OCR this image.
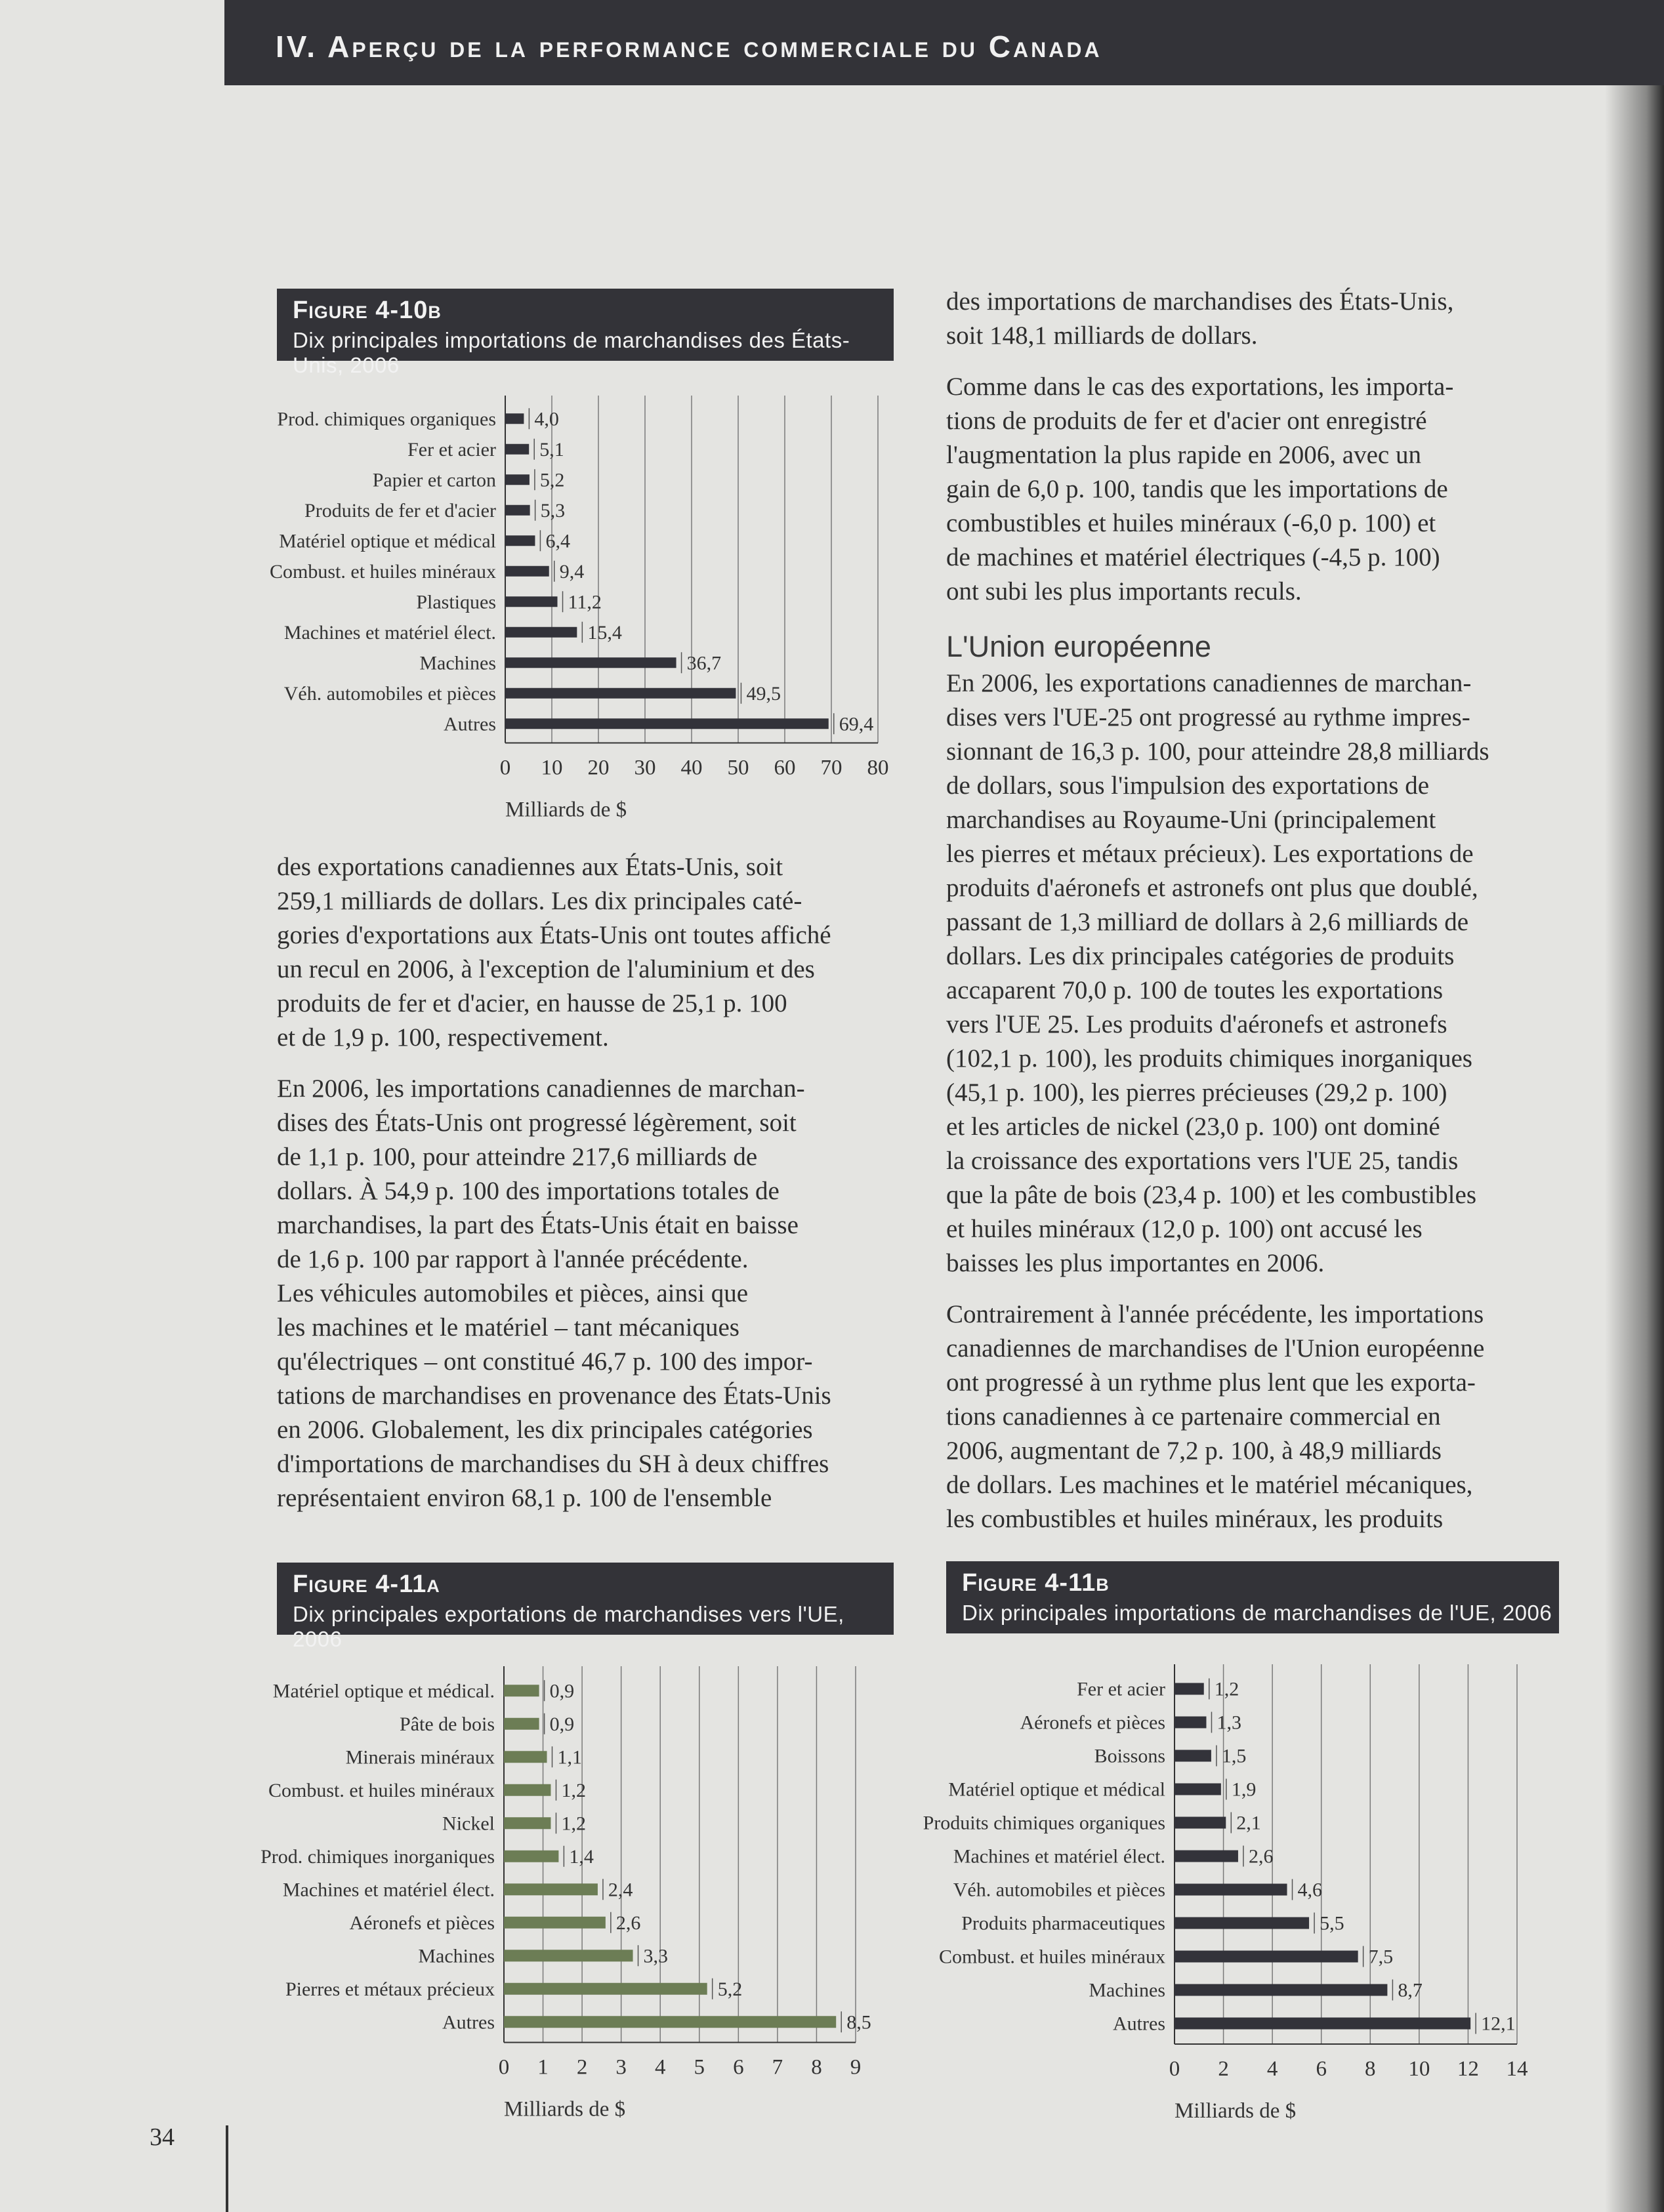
IV. Aperçu de la performance commerciale du Canada
Figure 4-10b
Dix principales importations de marchandises des États-Unis, 2006
0 10 20 30 40 50 60 70 80
Prod. chimiques organiques 4,0
Fer et acier 5,1
Papier et carton 5,2
Produits de fer et d'acier 5,3
Matériel optique et médical	6,4
Combust. et huiles minéraux	9,4
Plastiques	11,2
Machines et matériel élect.	15,4
Machines	36,7
Véh. automobiles et pièces	49,5
Autres	69,4
Milliards de $
Figure 4-11a
Dix principales exportations de marchandises vers l'UE, 2006
0 1 2 3 4 5 6 7 8 9
Matériel optique et médical.	0,9
Pâte de bois	0,9
Minerais minéraux	1,1
Combust. et huiles minéraux	1,2
Nickel	1,2
Prod. chimiques inorganiques	1,4
Machines et matériel élect.	2,4
Aéronefs et pièces	2,6
Machines	3,3
Pierres et métaux précieux	5,2
Autres	8,5
Milliards de $
Figure 4-11b
Dix principales importations de marchandises de l'UE, 2006
0 2 4 6 8 10 12 14
Fer et acier 1,2
Aéronefs et pièces	1,3
Boissons	1,5
Matériel optique et médical	1,9
Produits chimiques organiques	2,1
Machines et matériel élect.	2,6
Véh. automobiles et pièces	4,6
Produits pharmaceutiques	5,5
Combust. et huiles minéraux	7,5
Machines	8,7
Autres	12,1
Milliards de $

des exportations canadiennes aux États-Unis, soit
259,1 milliards de dollars. Les dix principales caté-
gories d'exportations aux États-Unis ont toutes affiché
un recul en 2006, à l'exception de l'aluminium et des
produits de fer et d'acier, en hausse de 25,1 p. 100
et de 1,9 p. 100, respectivement.

En 2006, les importations canadiennes de marchan-
dises des États-Unis ont progressé légèrement, soit
de 1,1 p. 100, pour atteindre 217,6 milliards de
dollars. À 54,9 p. 100 des importations totales de
marchandises, la part des États-Unis était en baisse
de 1,6 p. 100 par rapport à l'année précédente.
Les véhicules automobiles et pièces, ainsi que
les machines et le matériel – tant mécaniques
qu'électriques – ont constitué 46,7 p. 100 des impor-
tations de marchandises en provenance des États-Unis
en 2006. Globalement, les dix principales catégories
d'importations de marchandises du SH à deux chiffres
représentaient environ 68,1 p. 100 de l'ensemble

des importations de marchandises des États-Unis,
soit 148,1 milliards de dollars.

Comme dans le cas des exportations, les importa-
tions de produits de fer et d'acier ont enregistré
l'augmentation la plus rapide en 2006, avec un
gain de 6,0 p. 100, tandis que les importations de
combustibles et huiles minéraux (-6,0 p. 100) et
de machines et matériel électriques (-4,5 p. 100)
ont subi les plus importants reculs.

L'Union européenne

En 2006, les exportations canadiennes de marchan-
dises vers l'UE-25 ont progressé au rythme impres-
sionnant de 16,3 p. 100, pour atteindre 28,8 milliards
de dollars, sous l'impulsion des exportations de
marchandises au Royaume-Uni (principalement
les pierres et métaux précieux). Les exportations de
produits d'aéronefs et astronefs ont plus que doublé,
passant de 1,3 milliard de dollars à 2,6 milliards de
dollars. Les dix principales catégories de produits
accaparent 70,0 p. 100 de toutes les exportations
vers l'UE 25. Les produits d'aéronefs et astronefs
(102,1 p. 100), les produits chimiques inorganiques
(45,1 p. 100), les pierres précieuses (29,2 p. 100)
et les articles de nickel (23,0 p. 100) ont dominé
la croissance des exportations vers l'UE 25, tandis
que la pâte de bois (23,4 p. 100) et les combustibles
et huiles minéraux (12,0 p. 100) ont accusé les
baisses les plus importantes en 2006.

Contrairement à l'année précédente, les importations
canadiennes de marchandises de l'Union européenne
ont progressé à un rythme plus lent que les exporta-
tions canadiennes à ce partenaire commercial en
2006, augmentant de 7,2 p. 100, à 48,9 milliards
de dollars. Les machines et le matériel mécaniques,
les combustibles et huiles minéraux, les produits

34
